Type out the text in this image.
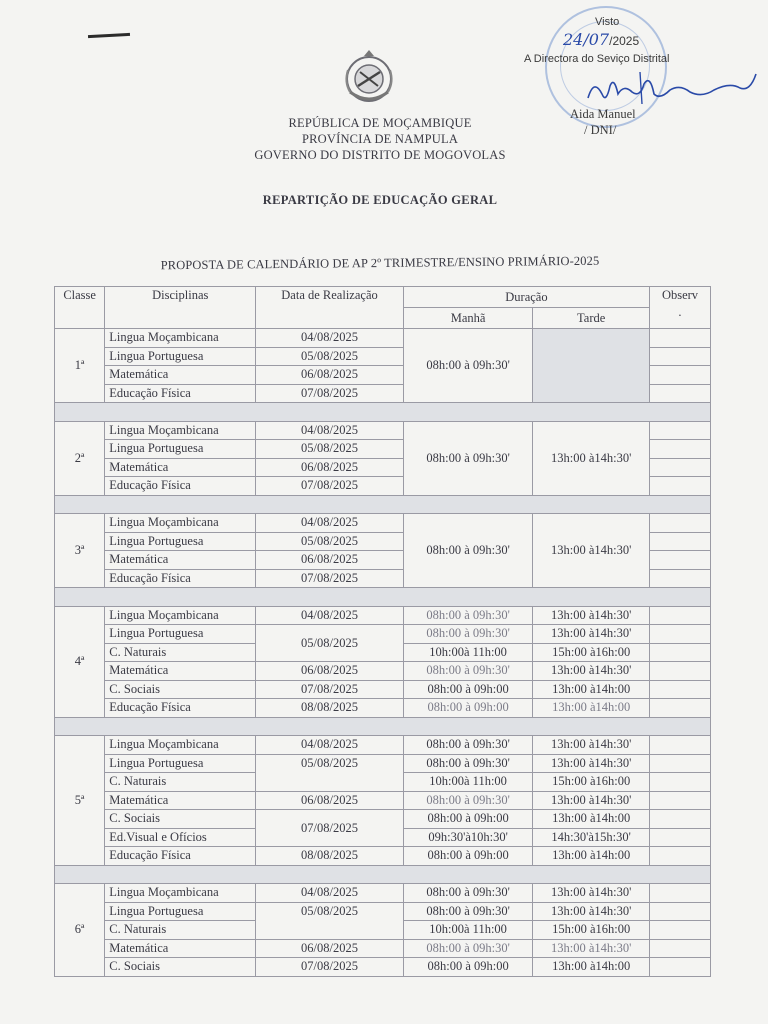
REPÚBLICA DE MOÇAMBIQUE
PROVÍNCIA DE NAMPULA
GOVERNO DO DISTRITO DE MOGOVOLAS
REPARTIÇÃO DE EDUCAÇÃO GERAL
PROPOSTA DE CALENDÁRIO DE AP 2º TRIMESTRE/ENSINO PRIMÁRIO-2025
Visto
24/07/2025
A Directora do Seviço Distrital
Aida Manuel
/ DNI/
Classe	Disciplinas	Data de Realização	Duração		Observ
.
			Manhã	Tarde	
1ª	Lingua Moçambicana	04/08/2025	08h:00 à 09h:30'		
	Lingua Portuguesa	05/08/2025			
	Matemática	06/08/2025			
	Educação Física	07/08/2025			

2ª	Lingua Moçambicana	04/08/2025	08h:00 à 09h:30'	13h:00 à14h:30'	
	Lingua Portuguesa	05/08/2025			
	Matemática	06/08/2025			
	Educação Física	07/08/2025			

3ª	Lingua Moçambicana	04/08/2025	08h:00 à 09h:30'	13h:00 à14h:30'	
	Lingua Portuguesa	05/08/2025			
	Matemática	06/08/2025			
	Educação Física	07/08/2025			

4ª	Lingua Moçambicana	04/08/2025	08h:00 à 09h:30'	13h:00 à14h:30'	
	Lingua Portuguesa	05/08/2025	08h:00 à 09h:30'	13h:00 à14h:30'	
	C. Naturais		10h:00à 11h:00	15h:00 à16h:00	
	Matemática	06/08/2025	08h:00 à 09h:30'	13h:00 à14h:30'	
	C. Sociais	07/08/2025	08h:00 à 09h:00	13h:00 à14h:00	
	Educação Física	08/08/2025	08h:00 à 09h:00	13h:00 à14h:00	

5ª	Lingua Moçambicana	04/08/2025	08h:00 à 09h:30'	13h:00 à14h:30'	
	Lingua Portuguesa	05/08/2025	08h:00 à 09h:30'	13h:00 à14h:30'	
	C. Naturais		10h:00à 11h:00	15h:00 à16h:00	
	Matemática	06/08/2025	08h:00 à 09h:30'	13h:00 à14h:30'	
	C. Sociais	07/08/2025	08h:00 à 09h:00	13h:00 à14h:00	
	Ed.Visual e Ofícios		09h:30'à10h:30'	14h:30'à15h:30'	
	Educação Física	08/08/2025	08h:00 à 09h:00	13h:00 à14h:00	

6ª	Lingua Moçambicana	04/08/2025	08h:00 à 09h:30'	13h:00 à14h:30'	
	Lingua Portuguesa	05/08/2025	08h:00 à 09h:30'	13h:00 à14h:30'	
	C. Naturais		10h:00à 11h:00	15h:00 à16h:00	
	Matemática	06/08/2025	08h:00 à 09h:30'	13h:00 à14h:30'	
	C. Sociais	07/08/2025	08h:00 à 09h:00	13h:00 à14h:00	
